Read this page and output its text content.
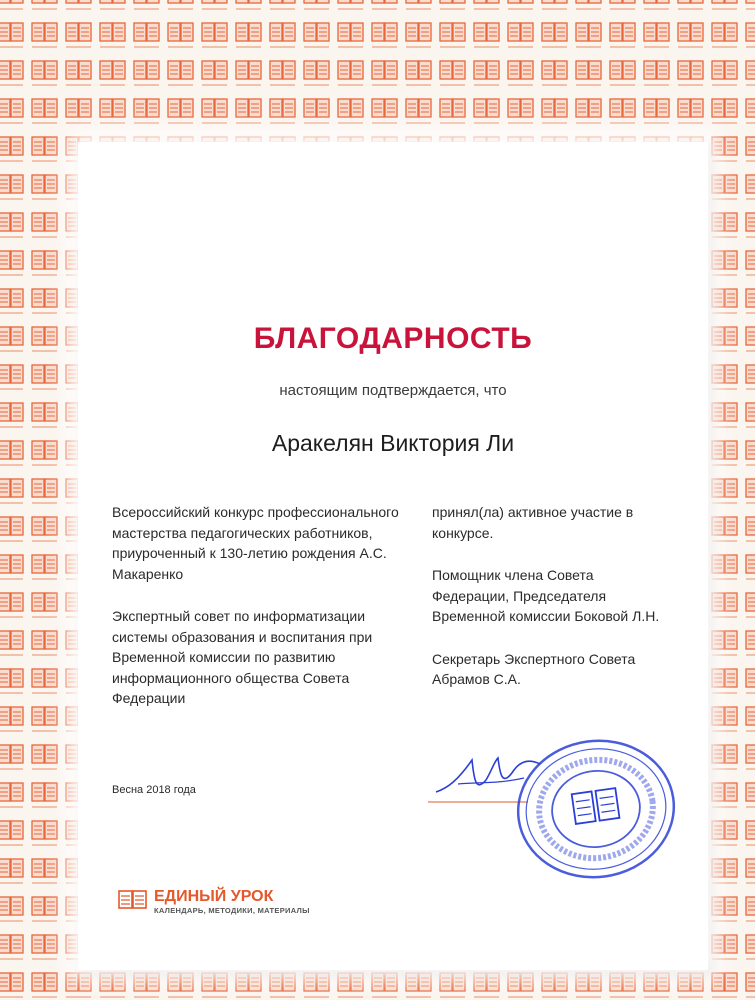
БЛАГОДАРНОСТЬ
настоящим подтверждается, что
Аракелян Виктория Ли

Всероссийский конкурс профессионального мастерства педагогических работников, приуроченный к 130-летию рождения А.С. Макаренко

Экспертный совет по информатизации системы образования и воспитания при Временной комиссии по развитию информационного общества Совета Федерации

принял(ла) активное участие в конкурсе.

Помощник члена Совета Федерации, Председателя Временной комиссии Боковой Л.Н.

Секретарь Экспертного Совета Абрамов С.А.

Весна 2018 года
ЕДИНЫЙ УРОК
КАЛЕНДАРЬ, МЕТОДИКИ, МАТЕРИАЛЫ
